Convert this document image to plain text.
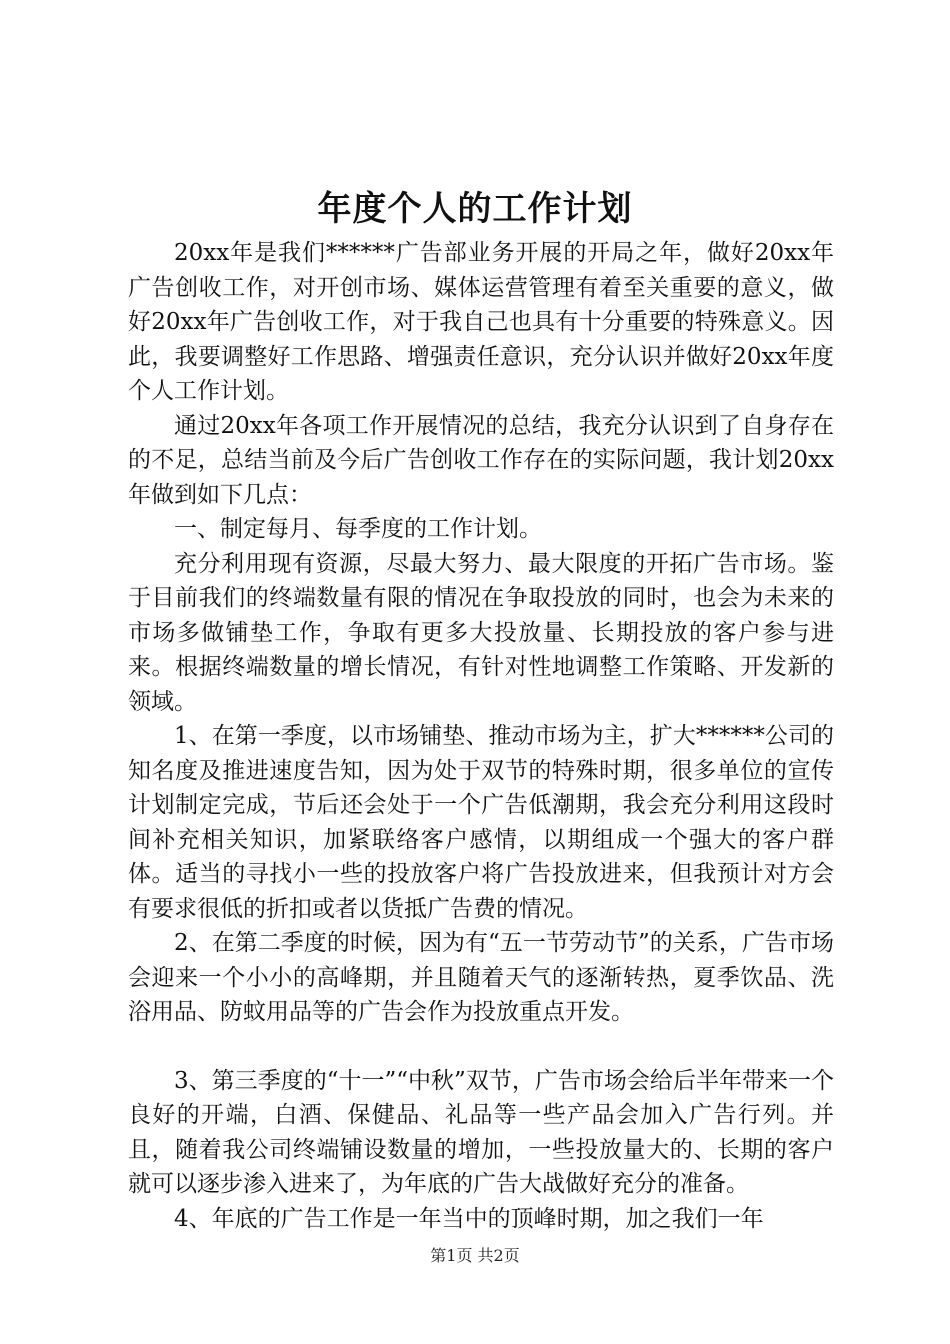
年度个人的工作计划

20xx年是我们******广告部业务开展的开局之年，做好20xx年广告创收工作，对开创市场、媒体运营管理有着至关重要的意义，做好20xx年广告创收工作，对于我自己也具有十分重要的特殊意义。因此，我要调整好工作思路、增强责任意识，充分认识并做好20xx年度个人工作计划。

通过20xx年各项工作开展情况的总结，我充分认识到了自身存在的不足，总结当前及今后广告创收工作存在的实际问题，我计划20xx年做到如下几点：

一、制定每月、每季度的工作计划。

充分利用现有资源，尽最大努力、最大限度的开拓广告市场。鉴于目前我们的终端数量有限的情况在争取投放的同时，也会为未来的市场多做铺垫工作，争取有更多大投放量、长期投放的客户参与进来。根据终端数量的增长情况，有针对性地调整工作策略、开发新的领域。

1、在第一季度，以市场铺垫、推动市场为主，扩大******公司的知名度及推进速度告知，因为处于双节的特殊时期，很多单位的宣传计划制定完成，节后还会处于一个广告低潮期，我会充分利用这段时间补充相关知识，加紧联络客户感情，以期组成一个强大的客户群体。适当的寻找小一些的投放客户将广告投放进来，但我预计对方会有要求很低的折扣或者以货抵广告费的情况。

2、在第二季度的时候，因为有“五一节劳动节”的关系，广告市场会迎来一个小小的高峰期，并且随着天气的逐渐转热，夏季饮品、洗浴用品、防蚊用品等的广告会作为投放重点开发。

3、第三季度的“十一”“中秋”双节，广告市场会给后半年带来一个良好的开端，白酒、保健品、礼品等一些产品会加入广告行列。并且，随着我公司终端铺设数量的增加，一些投放量大的、长期的客户就可以逐步渗入进来了，为年底的广告大战做好充分的准备。

4、年底的广告工作是一年当中的顶峰时期，加之我们一年

第1页 共2页
